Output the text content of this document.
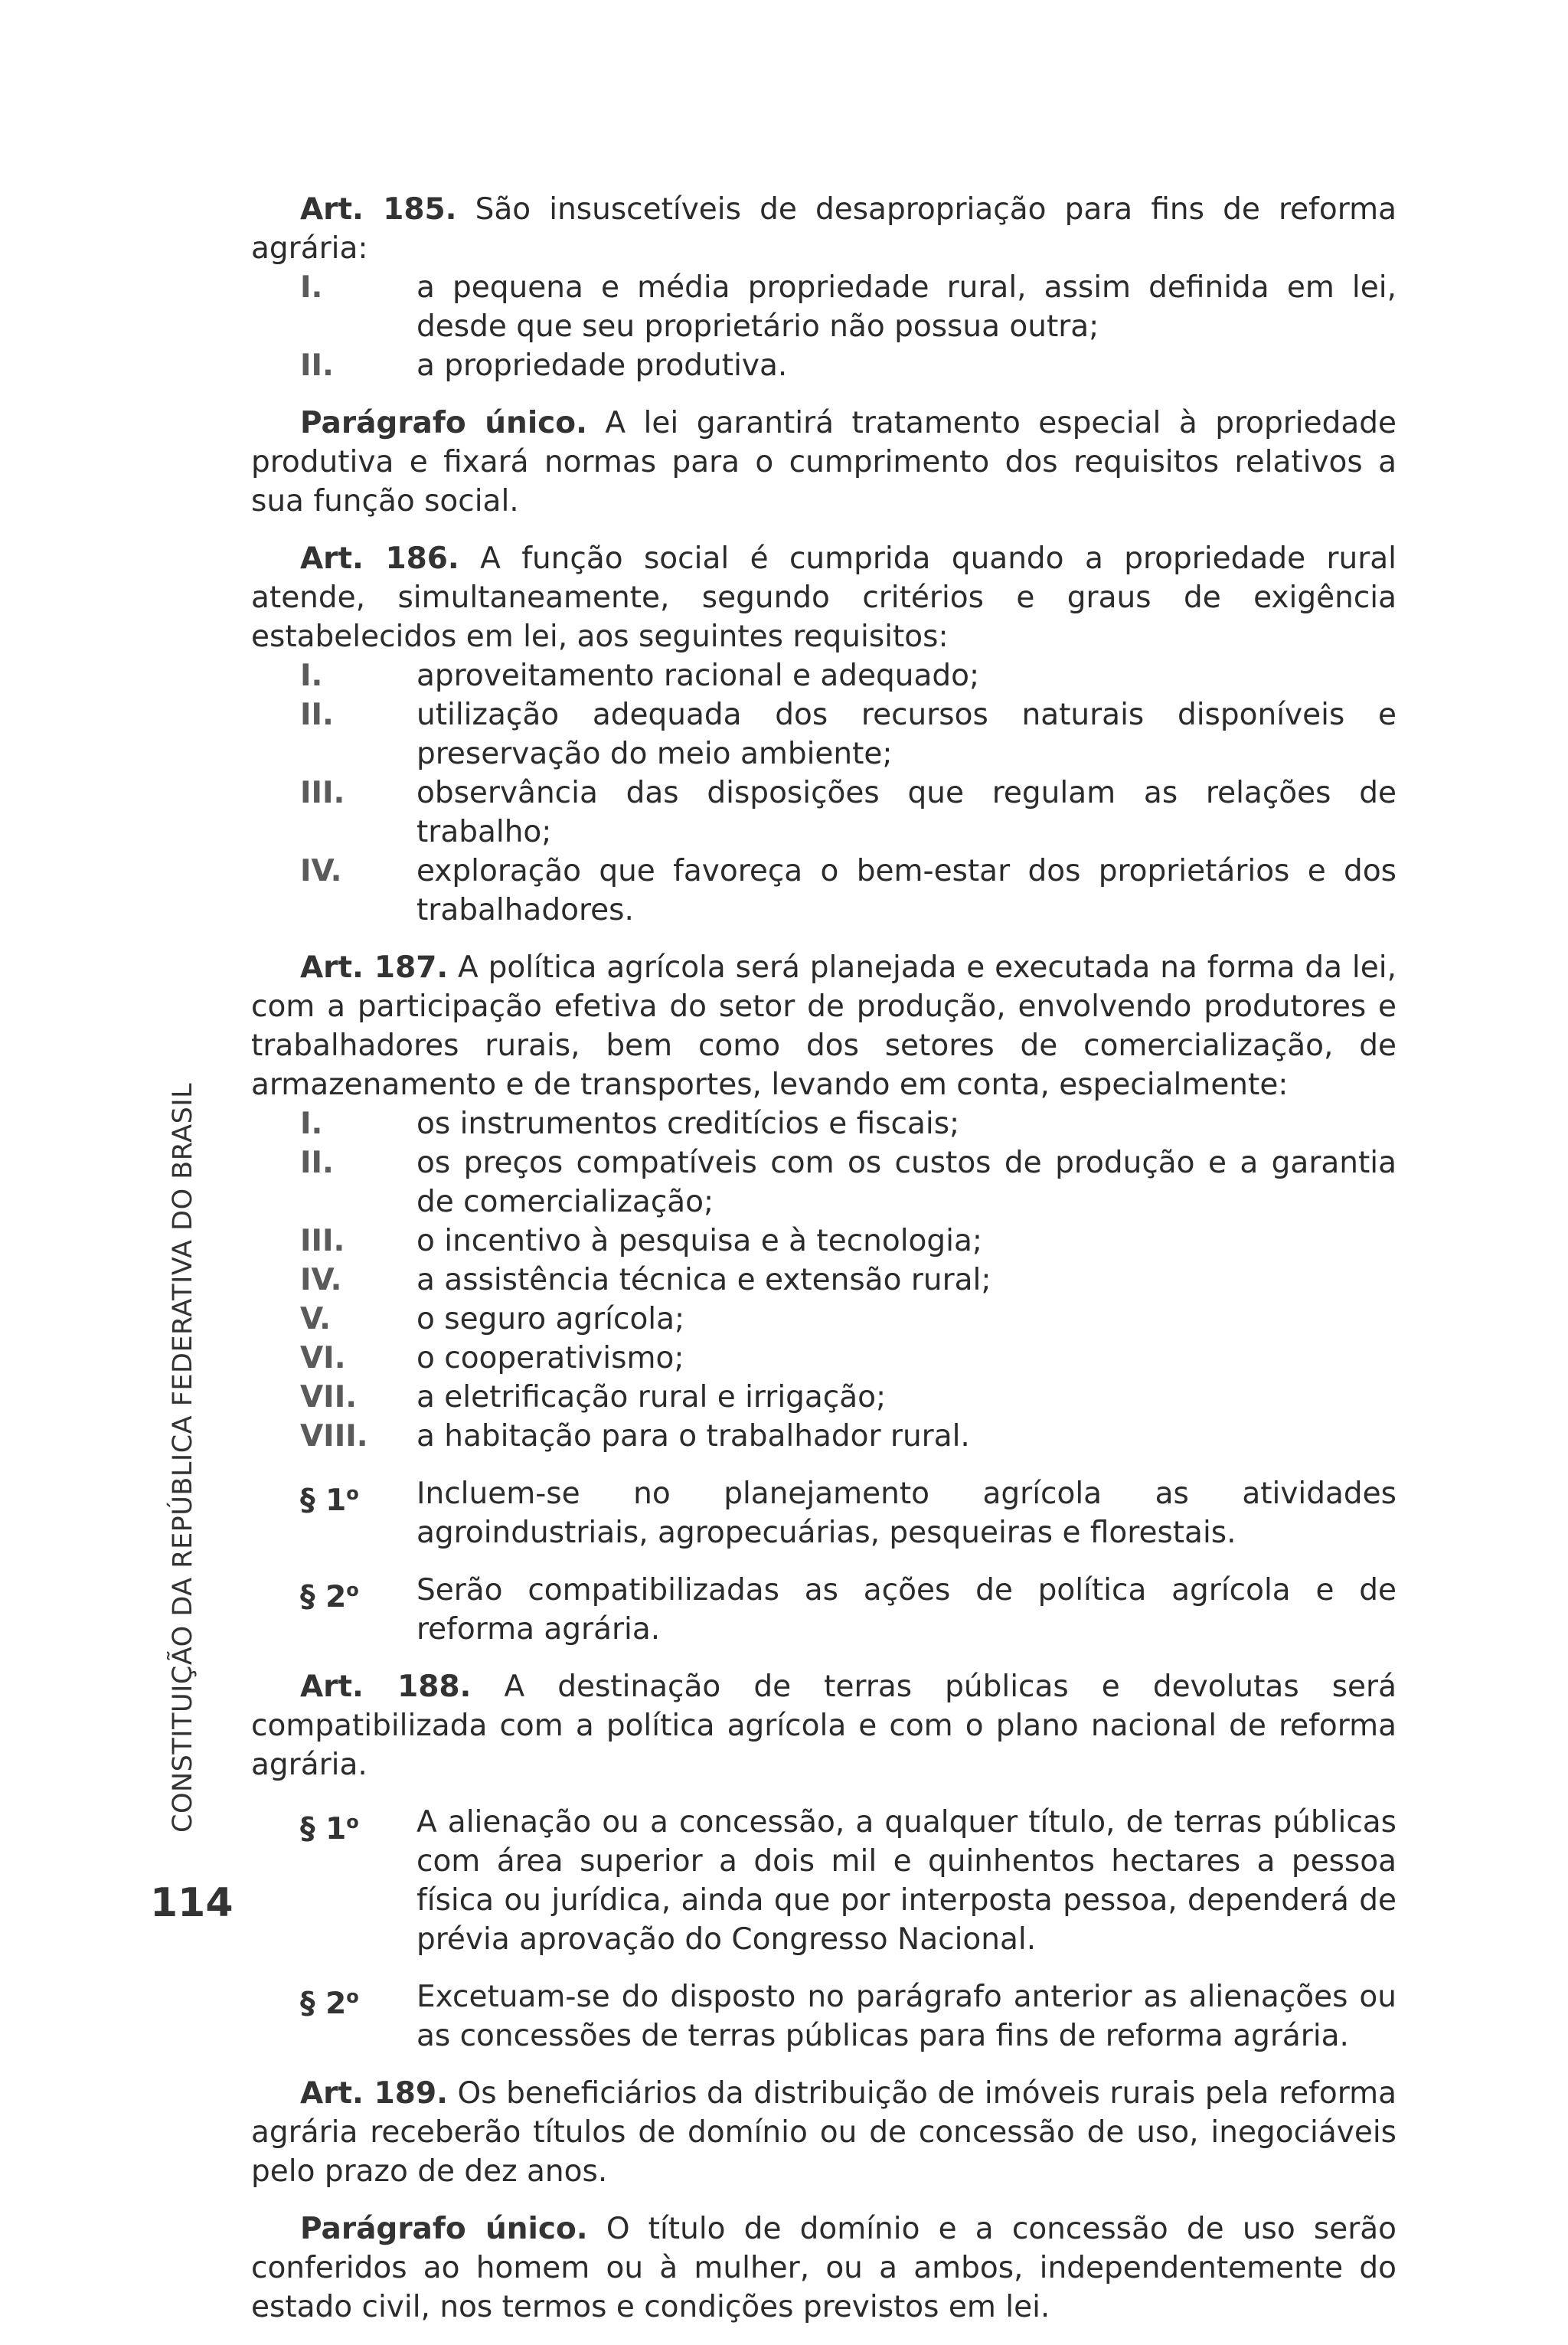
CONSTITUIÇÃO DA REPÚBLICA FEDERATIVA DO BRASIL
114

Art. 185. São insuscetíveis de desapropriação para fins de reforma agrária:

I.	a pequena e média propriedade rural, assim definida em lei, desde que seu proprietário não possua outra;
II.	a propriedade produtiva.

Parágrafo único. A lei garantirá tratamento especial à propriedade produtiva e fixará normas para o cumprimento dos requisitos relativos a sua função social.

Art. 186. A função social é cumprida quando a propriedade rural atende, simultaneamente, segundo critérios e graus de exigência estabelecidos em lei, aos seguintes requisitos:

I.	aproveitamento racional e adequado;
II.	utilização adequada dos recursos naturais disponíveis e preservação do meio ambiente;
III.	observância das disposições que regulam as relações de trabalho;
IV.	exploração que favoreça o bem-estar dos proprietários e dos trabalhadores.

Art. 187. A política agrícola será planejada e executada na forma da lei, com a participação efetiva do setor de produção, envolvendo produtores e trabalhadores rurais, bem como dos setores de comercialização, de armazenamento e de transportes, levando em conta, especialmente:

I.	os instrumentos creditícios e fiscais;
II.	os preços compatíveis com os custos de produção e a garantia de comercialização;
III.	o incentivo à pesquisa e à tecnologia;
IV.	a assistência técnica e extensão rural;
V.	o seguro agrícola;
VI.	o cooperativismo;
VII.	a eletrificação rural e irrigação;
VIII.	a habitação para o trabalhador rural.
§ 1$^o$	Incluem-se no planejamento agrícola as atividades agroindustriais, agropecuárias, pesqueiras e florestais.
§ 2$^o$	Serão compatibilizadas as ações de política agrícola e de reforma agrária.

Art. 188. A destinação de terras públicas e devolutas será compatibilizada com a política agrícola e com o plano nacional de reforma agrária.

§ 1$^o$	A alienação ou a concessão, a qualquer título, de terras públicas com área superior a dois mil e quinhentos hectares a pessoa física ou jurídica, ainda que por interposta pessoa, dependerá de prévia aprovação do Congresso Nacional.
§ 2$^o$	Excetuam-se do disposto no parágrafo anterior as alienações ou as concessões de terras públicas para fins de reforma agrária.

Art. 189. Os beneficiários da distribuição de imóveis rurais pela reforma agrária receberão títulos de domínio ou de concessão de uso, inegociáveis pelo prazo de dez anos.

Parágrafo único. O título de domínio e a concessão de uso serão conferidos ao homem ou à mulher, ou a ambos, independentemente do estado civil, nos termos e condições previstos em lei.
